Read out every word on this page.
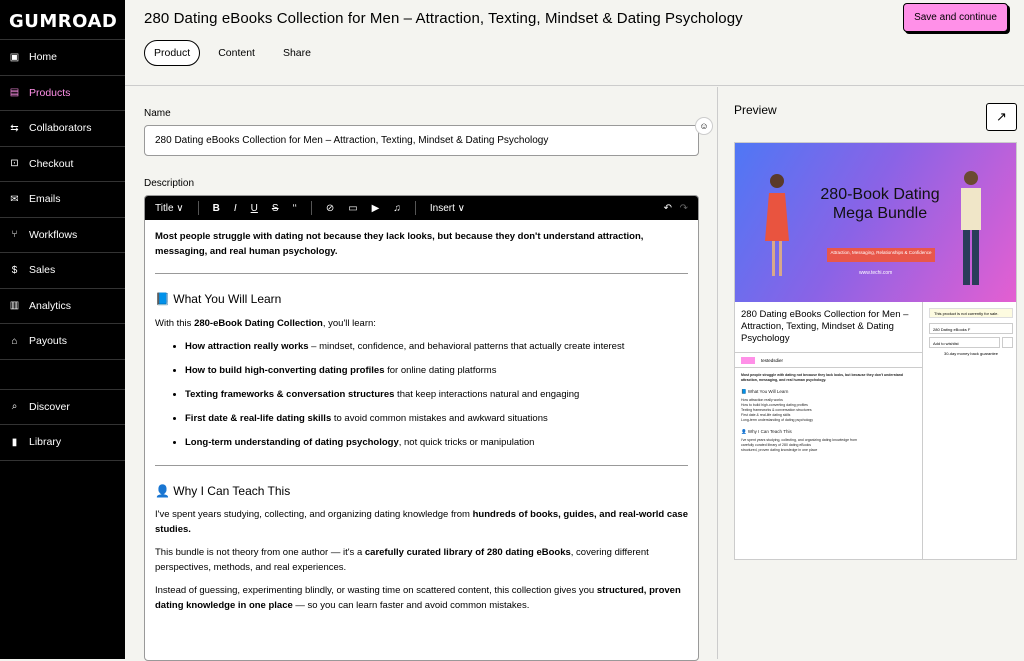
GUMROAD
▣ Home
▤ Products
⇆ Collaborators
⊡ Checkout
✉ Emails
⑂ Workflows
$ Sales
▥ Analytics
⌂ Payouts
⌕ Discover
▮ Library
280 Dating eBooks Collection for Men – Attraction, Texting, Mindset & Dating Psychology
Product	Content	Share
Save and continue
Name
280 Dating eBooks Collection for Men – Attraction, Texting, Mindset & Dating Psychology
☺
Description
Title ∨	B I U S ‘‘	⊘ ▭ ▶ ♫	Insert ∨	↶ ↷

Most people struggle with dating not because they lack looks, but because they don't understand attraction, messaging, and real human psychology.

📘 What You Will Learn

With this 280-eBook Dating Collection, you'll learn:

• How attraction really works – mindset, confidence, and behavioral patterns that actually create interest
• How to build high-converting dating profiles for online dating platforms
• Texting frameworks & conversation structures that keep interactions natural and engaging
• First date & real-life dating skills to avoid common mistakes and awkward situations
• Long-term understanding of dating psychology, not quick tricks or manipulation
👤 Why I Can Teach This

I've spent years studying, collecting, and organizing dating knowledge from hundreds of books, guides, and real-world case studies.

This bundle is not theory from one author — it's a carefully curated library of 280 dating eBooks, covering different perspectives, methods, and real experiences.

Instead of guessing, experimenting blindly, or wasting time on scattered content, this collection gives you structured, proven dating knowledge in one place — so you can learn faster and avoid common mistakes.

Preview	↗
280-Book Dating Mega Bundle
Attraction, Messaging, Relationships & Confidence
www.techi.com
280 Dating eBooks Collection for Men – Attraction, Texting, Mindset & Dating Psychology
testedsdier
Most people struggle with dating not because they lack looks, but because they don't understand attraction, messaging, and real human psychology.
📘 What You Will Learn
How attraction really works
How to build high-converting dating profiles
Texting frameworks & conversation structures
First date & real-life dating skills
Long-term understanding of dating psychology
👤 Why I Can Teach This
I've spent years studying, collecting, and organizing dating knowledge from
carefully curated library of 280 dating eBooks
structured, proven dating knowledge in one place
This product is not currently for sale.
280 Dating eBooks F
Add to wishlist
30-day money back guarantee
